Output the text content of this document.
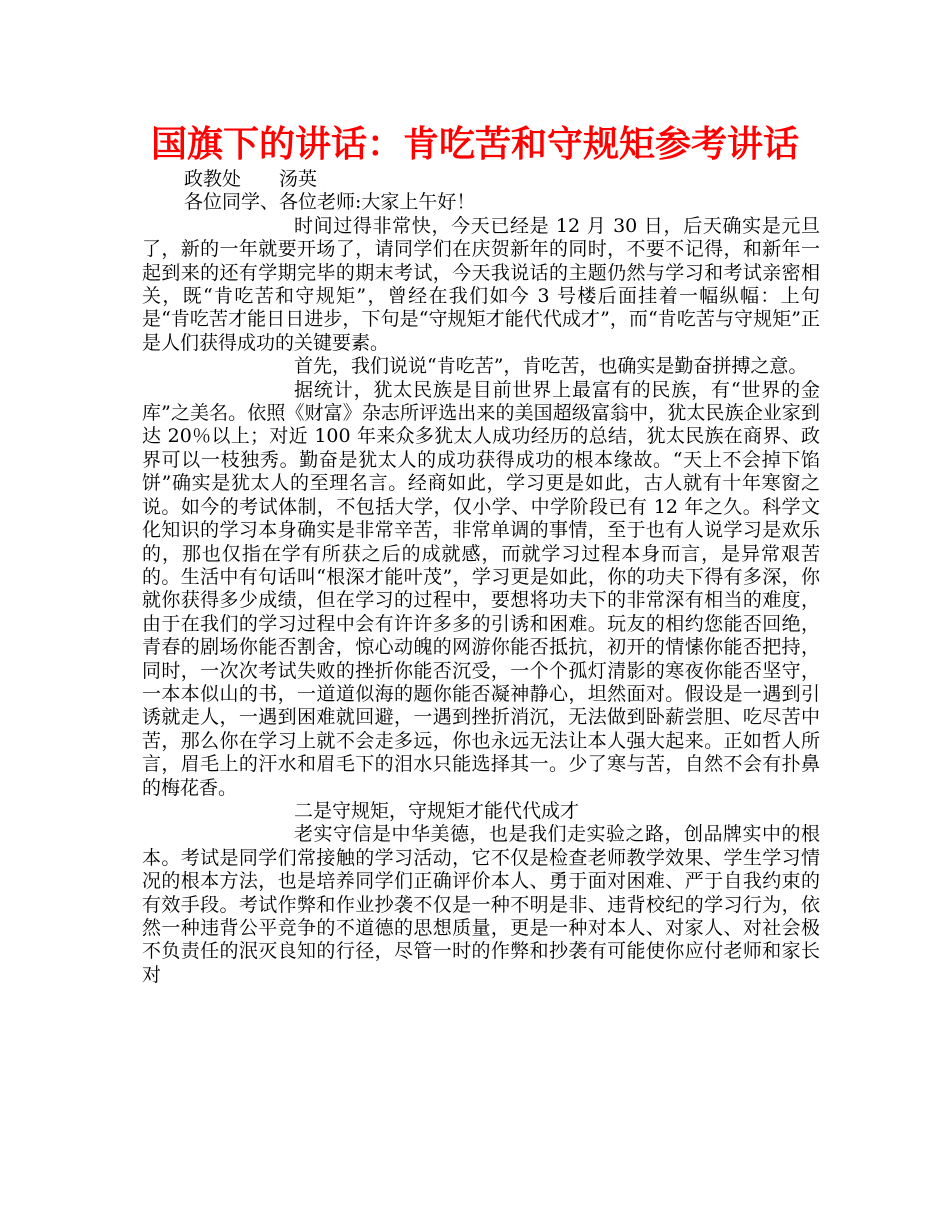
国旗下的讲话：肯吃苦和守规矩参考讲话

政教处 汤英

各位同学、各位老师:大家上午好！

时间过得非常快，今天已经是 12 月 30 日，后天确实是元旦了，新的一年就要开场了，请同学们在庆贺新年的同时，不要不记得，和新年一起到来的还有学期完毕的期末考试，今天我说话的主题仍然与学习和考试亲密相关，既“肯吃苦和守规矩”，曾经在我们如今 3 号楼后面挂着一幅纵幅：上句是“肯吃苦才能日日进步，下句是“守规矩才能代代成才”，而“肯吃苦与守规矩”正是人们获得成功的关键要素。

首先，我们说说“肯吃苦”，肯吃苦，也确实是勤奋拼搏之意。

据统计，犹太民族是目前世界上最富有的民族，有“世界的金库”之美名。依照《财富》杂志所评选出来的美国超级富翁中，犹太民族企业家到达 20％以上；对近 100 年来众多犹太人成功经历的总结，犹太民族在商界、政界可以一枝独秀。勤奋是犹太人的成功获得成功的根本缘故。“天上不会掉下馅饼”确实是犹太人的至理名言。经商如此，学习更是如此，古人就有十年寒窗之说。如今的考试体制，不包括大学，仅小学、中学阶段已有 12 年之久。科学文化知识的学习本身确实是非常辛苦，非常单调的事情，至于也有人说学习是欢乐的，那也仅指在学有所获之后的成就感，而就学习过程本身而言，是异常艰苦的。生活中有句话叫“根深才能叶茂”，学习更是如此，你的功夫下得有多深，你就你获得多少成绩，但在学习的过程中，要想将功夫下的非常深有相当的难度，由于在我们的学习过程中会有许许多多的引诱和困难。玩友的相约您能否回绝，青春的剧场你能否割舍，惊心动魄的网游你能否抵抗，初开的情愫你能否把持，同时，一次次考试失败的挫折你能否沉受，一个个孤灯清影的寒夜你能否坚守，一本本似山的书，一道道似海的题你能否凝神静心，坦然面对。假设是一遇到引诱就走人，一遇到困难就回避，一遇到挫折消沉，无法做到卧薪尝胆、吃尽苦中苦，那么你在学习上就不会走多远，你也永远无法让本人强大起来。正如哲人所言，眉毛上的汗水和眉毛下的泪水只能选择其一。少了寒与苦，自然不会有扑鼻的梅花香。

二是守规矩，守规矩才能代代成才

老实守信是中华美德，也是我们走实验之路，创品牌实中的根本。考试是同学们常接触的学习活动，它不仅是检查老师教学效果、学生学习情况的根本方法，也是培养同学们正确评价本人、勇于面对困难、严于自我约束的有效手段。考试作弊和作业抄袭不仅是一种不明是非、违背校纪的学习行为，依然一种违背公平竞争的不道德的思想质量，更是一种对本人、对家人、对社会极不负责任的泯灭良知的行径，尽管一时的作弊和抄袭有可能使你应付老师和家长对
